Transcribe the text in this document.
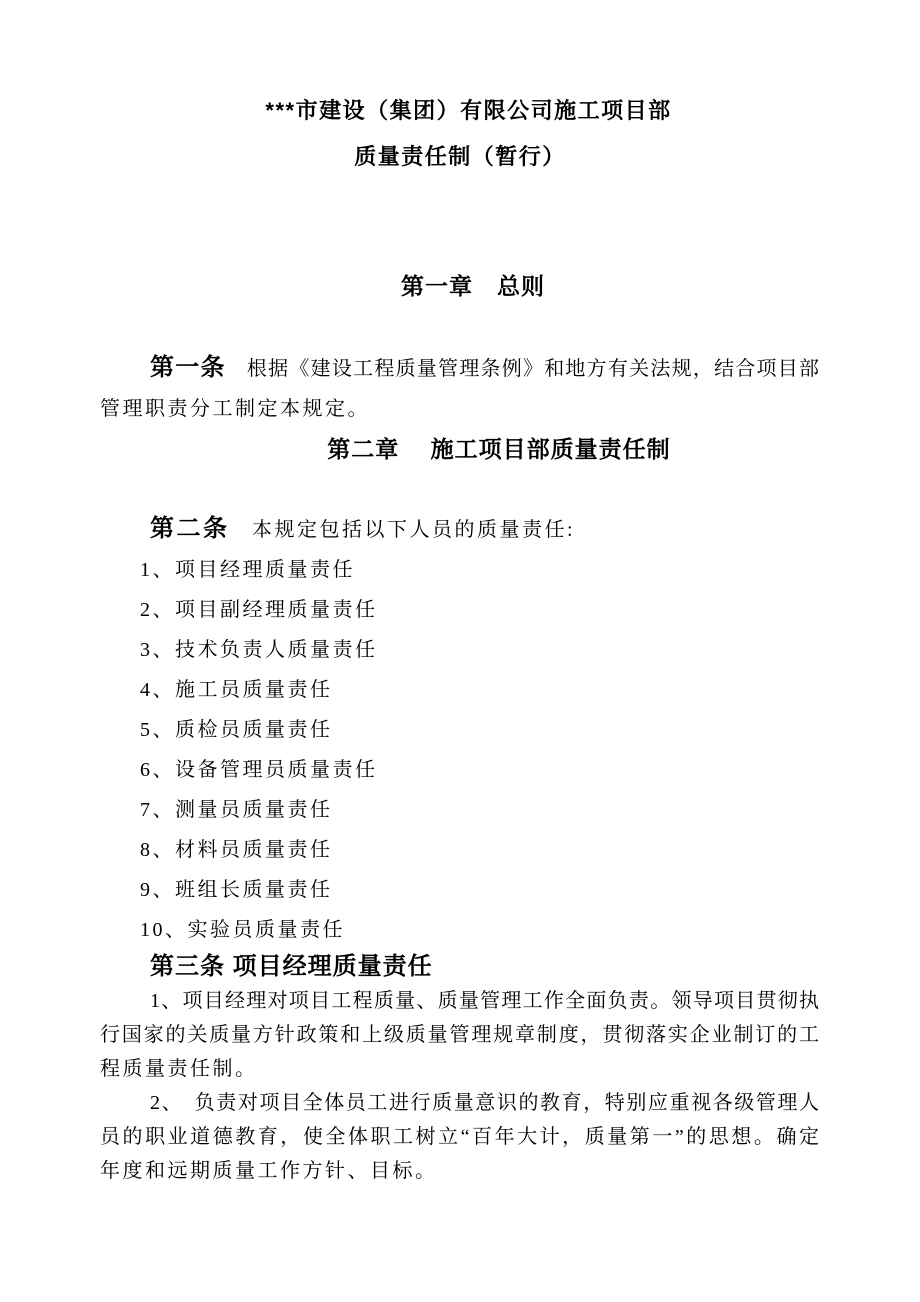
***市建设（集团）有限公司施工项目部
质量责任制（暂行）
第一章　总则
第一条　根据《建设工程质量管理条例》和地方有关法规，结合项目部
管理职责分工制定本规定。
第二章　 施工项目部质量责任制
第二条　本规定包括以下人员的质量责任:
1、项目经理质量责任
2、项目副经理质量责任
3、技术负责人质量责任
4、施工员质量责任
5、质检员质量责任
6、设备管理员质量责任
7、测量员质量责任
8、材料员质量责任
9、班组长质量责任
10、实验员质量责任
第三条 项目经理质量责任
1、项目经理对项目工程质量、质量管理工作全面负责。领导项目贯彻执
行国家的关质量方针政策和上级质量管理规章制度，贯彻落实企业制订的工
程质量责任制。
2、　负责对项目全体员工进行质量意识的教育，特别应重视各级管理人
员的职业道德教育，使全体职工树立“百年大计，质量第一”的思想。确定
年度和远期质量工作方针、目标。
